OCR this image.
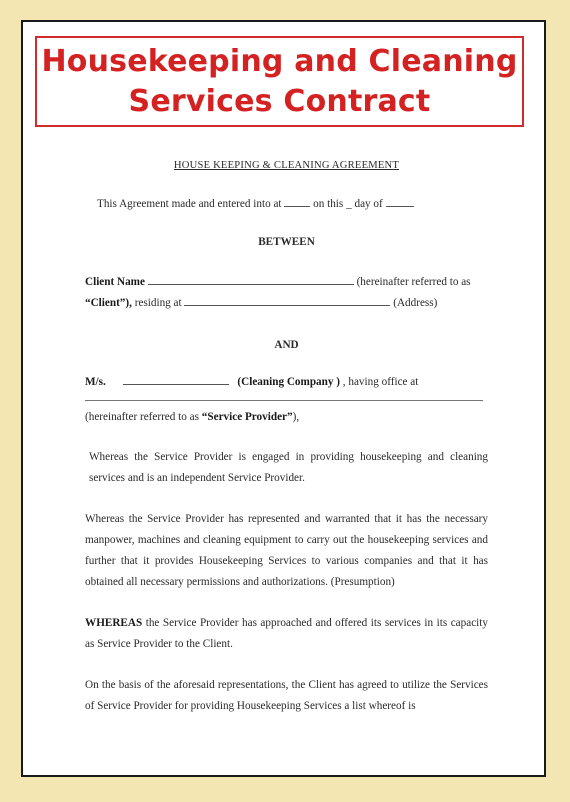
Housekeeping and Cleaning
Services Contract
HOUSE KEEPING & CLEANING AGREEMENT
This Agreement made and entered into at	on this _ day of
BETWEEN
Client Name	(hereinafter referred to as
“Client”), residing at	(Address)
AND
M/s.	(Cleaning Company ) , having office at
(hereinafter referred to as “Service Provider”),
Whereas the Service Provider is engaged in providing housekeeping and cleaning services and is an independent Service Provider.
Whereas the Service Provider has represented and warranted that it has the necessary manpower, machines and cleaning equipment to carry out the housekeeping services and further that it provides Housekeeping Services to various companies and that it has obtained all necessary permissions and authorizations. (Presumption)
WHEREAS the Service Provider has approached and offered its services in its capacity as Service Provider to the Client.
On the basis of the aforesaid representations, the Client has agreed to utilize the Services of Service Provider for providing Housekeeping Services a list whereof is
